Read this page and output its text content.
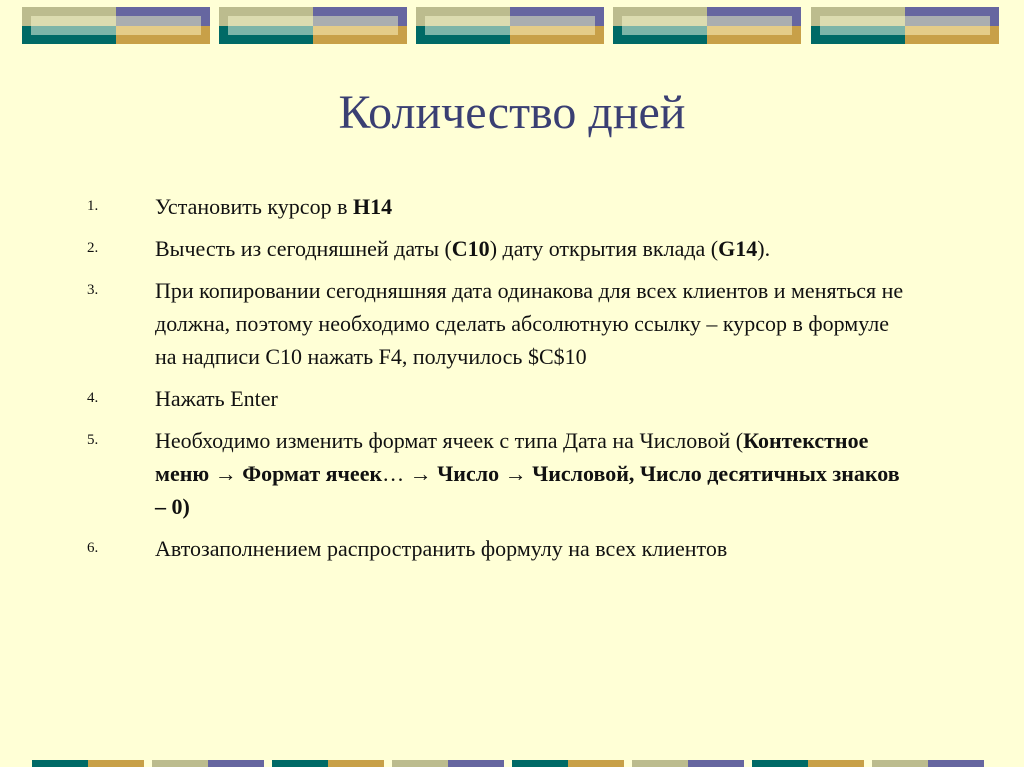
Количество дней
1.	Установить курсор в H14
2.	Вычесть из сегодняшней даты (C10) дату открытия вклада (G14).
3.	При копировании сегодняшняя дата одинакова для всех клиентов и меняться не должна, поэтому необходимо сделать абсолютную ссылку – курсор в формуле на надписи С10 нажать F4, получилось $C$10
4.	Нажать Enter
5.	Необходимо изменить формат ячеек с типа Дата на Числовой (Контекстное меню → Формат ячеек… → Число → Числовой, Число десятичных знаков – 0)
6.	Автозаполнением распространить формулу на всех клиентов
